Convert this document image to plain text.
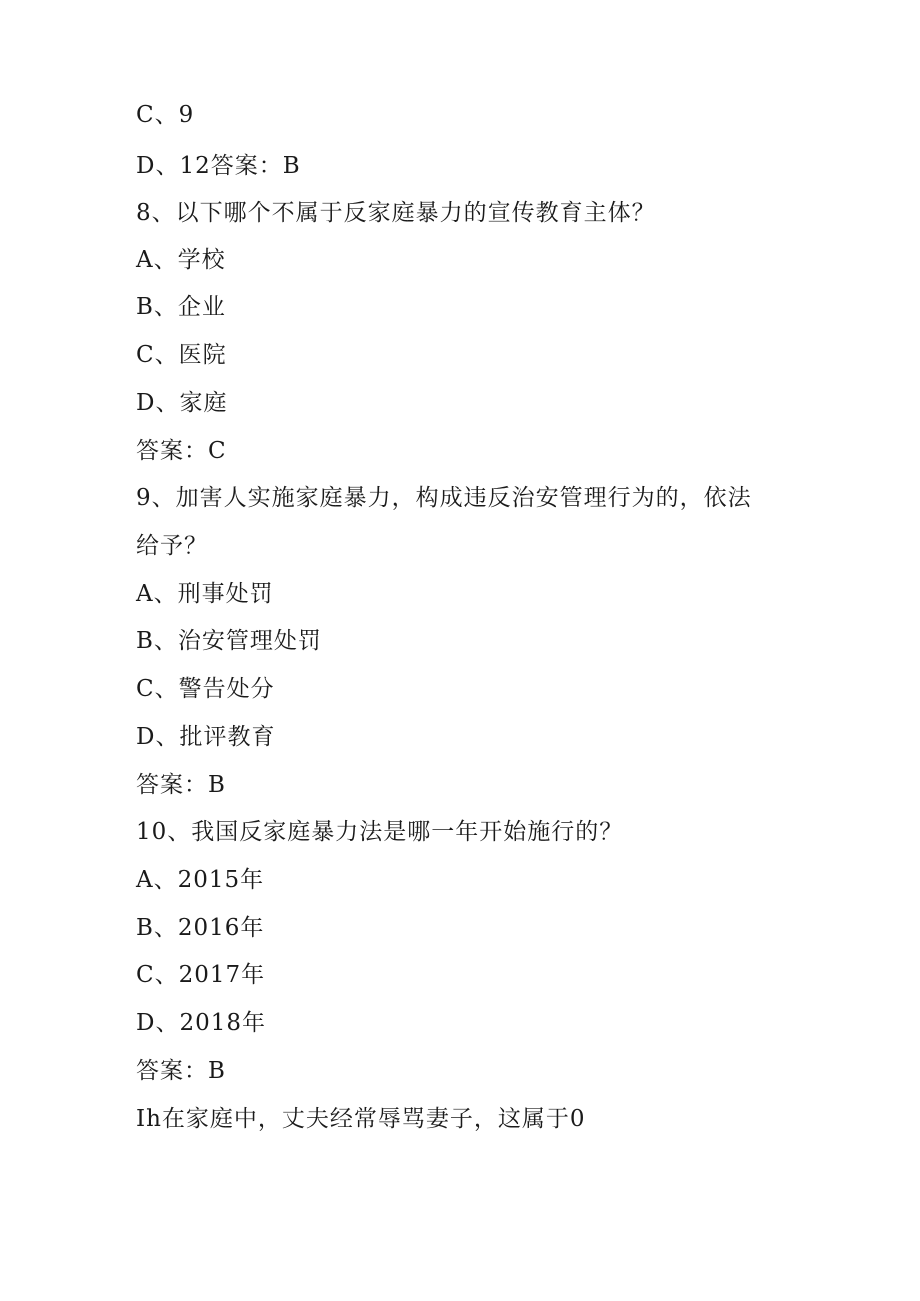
C、9
D、12答案：B
8、以下哪个不属于反家庭暴力的宣传教育主体？
A、学校
B、企业
C、医院
D、家庭
答案：C
9、加害人实施家庭暴力，构成违反治安管理行为的，依法
给予？
A、刑事处罚
B、治安管理处罚
C、警告处分
D、批评教育
答案：B
10、我国反家庭暴力法是哪一年开始施行的？
A、2015年
B、2016年
C、2017年
D、2018年
答案：B
Ih在家庭中，丈夫经常辱骂妻子，这属于0
